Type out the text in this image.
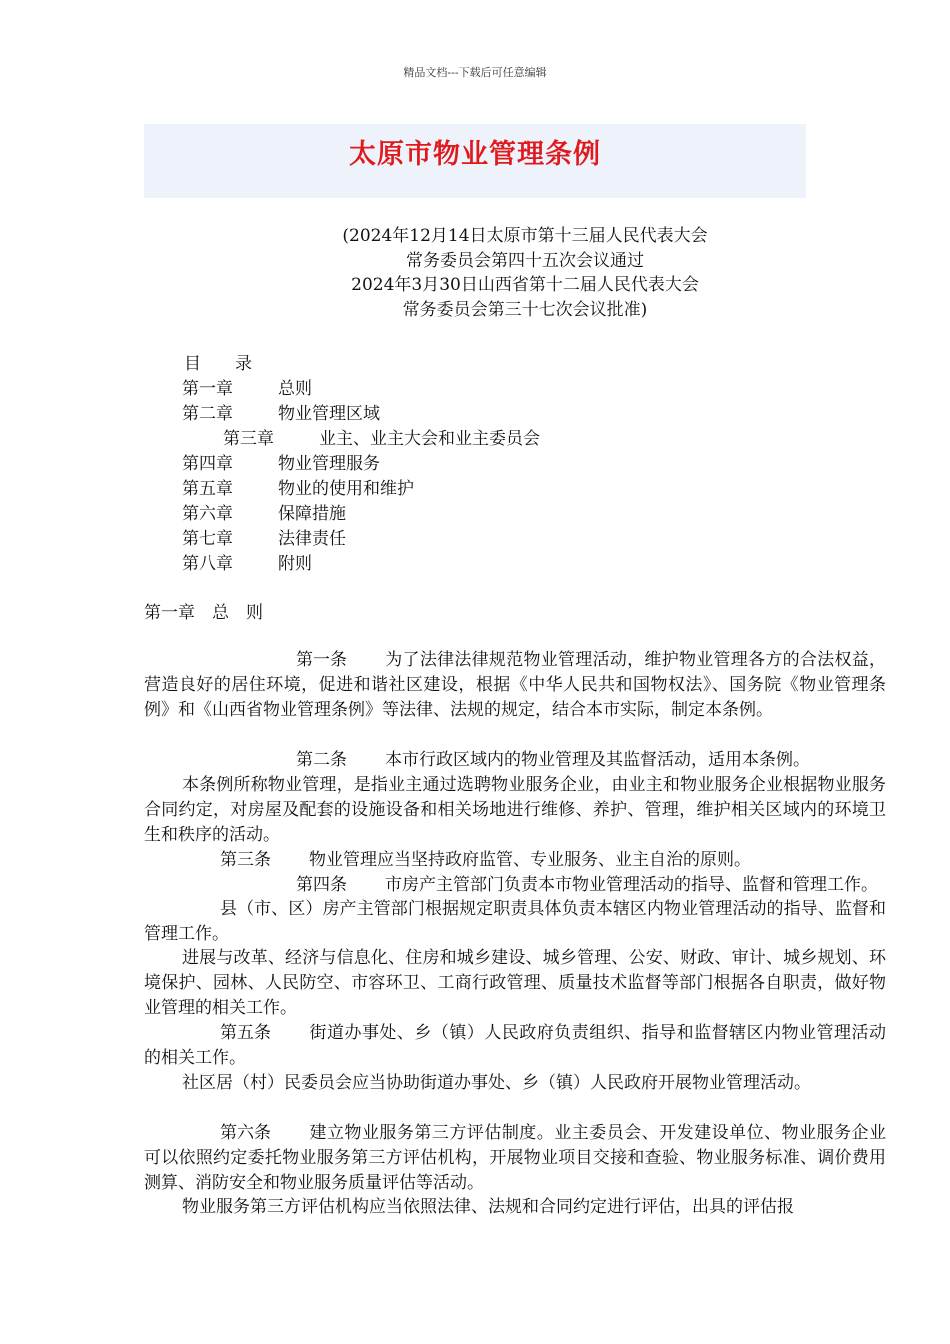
精品文档---下载后可任意编辑
太原市物业管理条例
(2024年12月14日太原市第十三届人民代表大会
常务委员会第四十五次会议通过
2024年3月30日山西省第十二届人民代表大会
常务委员会第三十七次会议批准)
目　　录
第一章	总则
第二章	物业管理区域
第三章	业主、业主大会和业主委员会
第四章	物业管理服务
第五章	物业的使用和维护
第六章	保障措施
第七章	法律责任
第八章	附则
第一章　总　则
第一条 为了法律法律规范物业管理活动，维护物业管理各方的合法权益，营造良好的居住环境，促进和谐社区建设，根据《中华人民共和国物权法》、国务院《物业管理条例》和《山西省物业管理条例》等法律、法规的规定，结合本市实际，制定本条例。
第二条 本市行政区域内的物业管理及其监督活动，适用本条例。
本条例所称物业管理，是指业主通过选聘物业服务企业，由业主和物业服务企业根据物业服务合同约定，对房屋及配套的设施设备和相关场地进行维修、养护、管理，维护相关区域内的环境卫生和秩序的活动。
第三条 物业管理应当坚持政府监管、专业服务、业主自治的原则。
第四条 市房产主管部门负责本市物业管理活动的指导、监督和管理工作。
县（市、区）房产主管部门根据规定职责具体负责本辖区内物业管理活动的指导、监督和管理工作。
进展与改革、经济与信息化、住房和城乡建设、城乡管理、公安、财政、审计、城乡规划、环境保护、园林、人民防空、市容环卫、工商行政管理、质量技术监督等部门根据各自职责，做好物业管理的相关工作。
第五条 街道办事处、乡（镇）人民政府负责组织、指导和监督辖区内物业管理活动的相关工作。
社区居（村）民委员会应当协助街道办事处、乡（镇）人民政府开展物业管理活动。
第六条 建立物业服务第三方评估制度。业主委员会、开发建设单位、物业服务企业可以依照约定委托物业服务第三方评估机构，开展物业项目交接和查验、物业服务标准、调价费用测算、消防安全和物业服务质量评估等活动。
物业服务第三方评估机构应当依照法律、法规和合同约定进行评估，出具的评估报
